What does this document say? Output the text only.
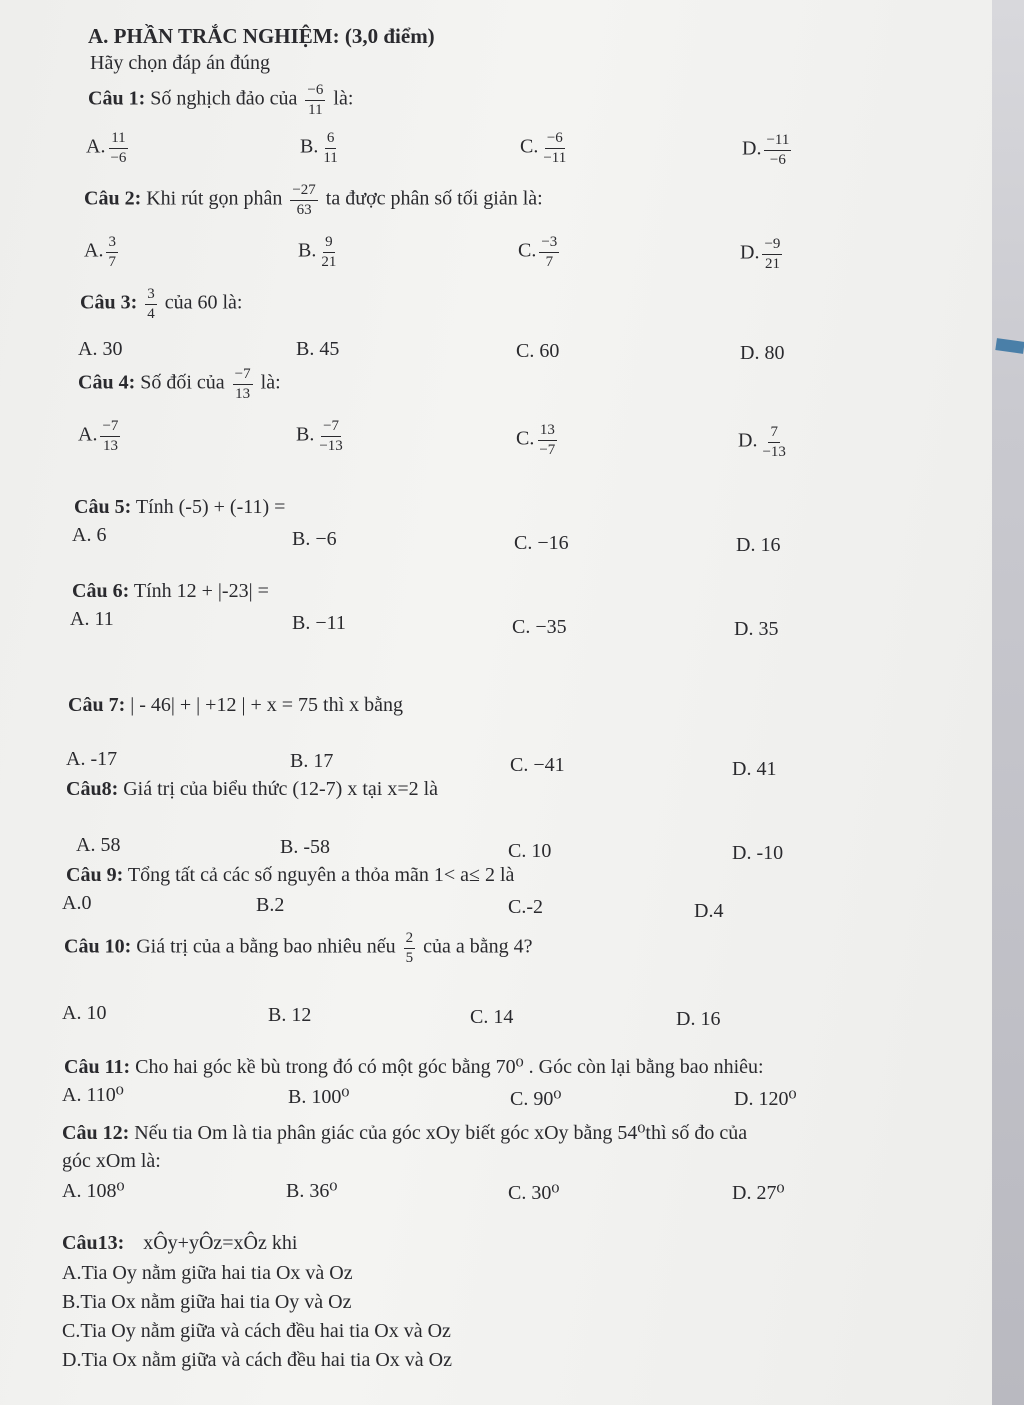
A. PHẦN TRẮC NGHIỆM: (3,0 điểm)
Hãy chọn đáp án đúng
Câu 1: Số nghịch đảo của $\frac{-6}{11}$ là:
A. $\frac{11}{-6}$	B. $\frac{6}{11}$	C. $\frac{-6}{-11}$	D. $\frac{-11}{-6}$
Câu 2: Khi rút gọn phân $\frac{-27}{63}$ ta được phân số tối giản là:
A. $\frac{3}{7}$	B. $\frac{9}{21}$	C. $\frac{-3}{7}$	D. $\frac{-9}{21}$
Câu 3: $\frac{3}{4}$ của 60 là:
A. 30	B. 45	C. 60	D. 80
Câu 4: Số đối của $\frac{-7}{13}$ là:
A. $\frac{-7}{13}$	B. $\frac{-7}{-13}$	C. $\frac{13}{-7}$	D. $\frac{7}{-13}$
Câu 5: Tính (-5) + (-11) =
A. 6	B. −6	C. −16	D. 16
Câu 6: Tính 12 + |-23| =
A. 11	B. −11	C. −35	D. 35
Câu 7: | - 46| + | +12 | + x = 75 thì x bằng
A. -17	B. 17	C. −41	D. 41
Câu8: Giá trị của biểu thức (12-7) x tại x=2 là
A. 58	B. -58	C. 10	D. -10
Câu 9: Tổng tất cả các số nguyên a thỏa mãn 1< a≤ 2 là
A.0	B.2	C.-2	D.4
Câu 10: Giá trị của a bằng bao nhiêu nếu $\frac{2}{5}$ của a bằng 4?
A. 10	B. 12	C. 14	D. 16
Câu 11: Cho hai góc kề bù trong đó có một góc bằng 70⁰ . Góc còn lại bằng bao nhiêu:
A. 110⁰	B. 100⁰	C. 90⁰	D. 120⁰
Câu 12: Nếu tia Om là tia phân giác của góc xOy biết góc xOy bằng 54⁰thì số đo của
góc xOm là:
A. 108⁰	B. 36⁰	C. 30⁰	D. 27⁰
Câu13: xÔy+yÔz=xÔz khi
A.Tia Oy nằm giữa hai tia Ox và Oz
B.Tia Ox nằm giữa hai tia Oy và Oz
C.Tia Oy nằm giữa và cách đều hai tia Ox và Oz
D.Tia Ox nằm giữa và cách đều hai tia Ox và Oz
